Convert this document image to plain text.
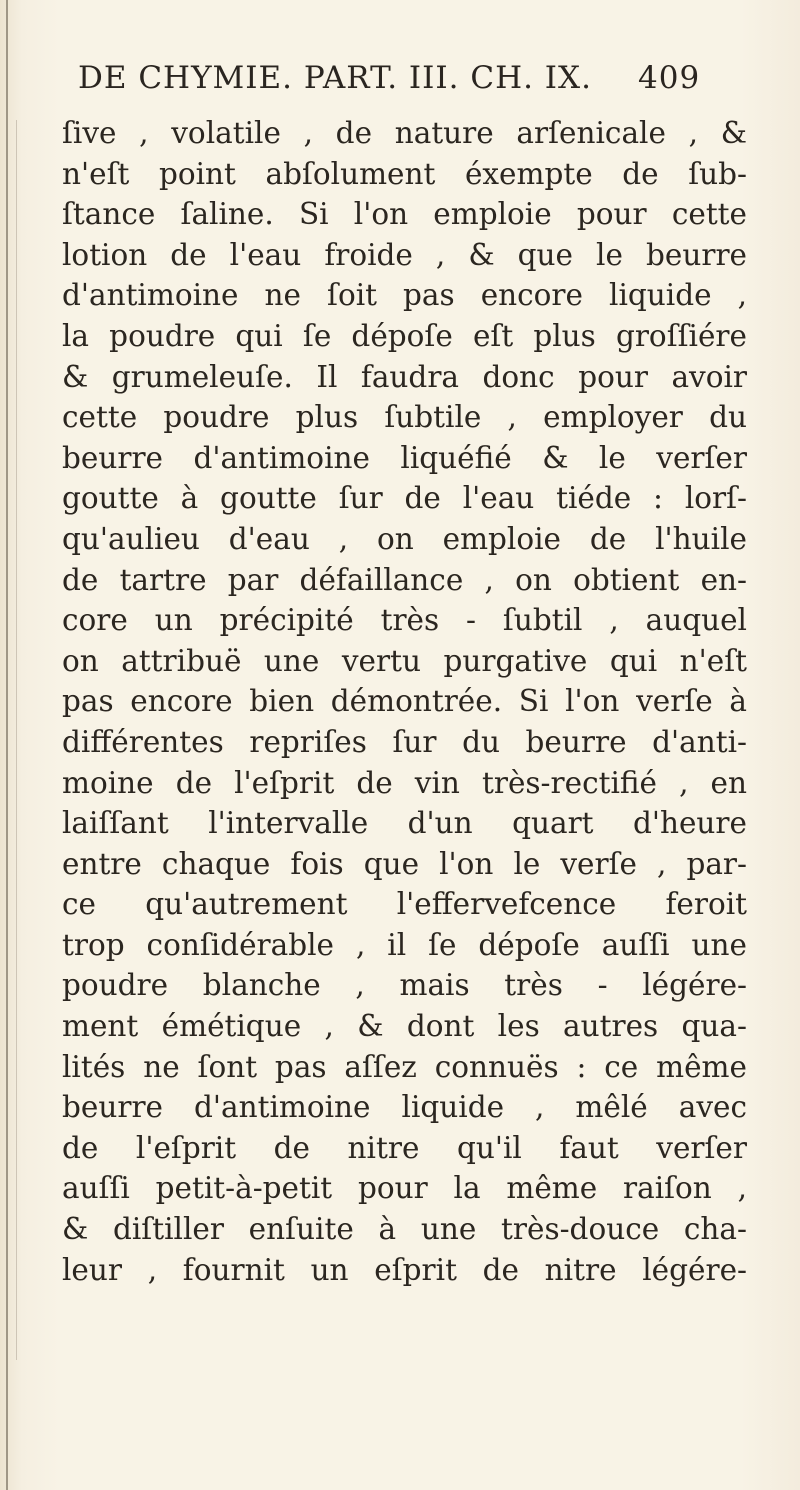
DE CHYMIE. PART. III. CH. IX. 409
ſive , volatile , de nature arſenicale , &
n'eſt point abſolument éxempte de ſub-
ſtance ſaline. Si l'on emploie pour cette
lotion de l'eau froide , & que le beurre
d'antimoine ne ſoit pas encore liquide ,
la poudre qui ſe dépoſe eſt plus groſſiére
& grumeleuſe. Il faudra donc pour avoir
cette poudre plus ſubtile , employer du
beurre d'antimoine liquéfié & le verſer
goutte à goutte ſur de l'eau tiéde : lorſ-
qu'aulieu d'eau , on emploie de l'huile
de tartre par défaillance , on obtient en-
core un précipité très - ſubtil , auquel
on attribuë une vertu purgative qui n'eſt
pas encore bien démontrée. Si l'on verſe à
différentes repriſes ſur du beurre d'anti-
moine de l'eſprit de vin très-rectifié , en
laiſſant l'intervalle d'un quart d'heure
entre chaque fois que l'on le verſe , par-
ce qu'autrement l'effervefcence feroit
trop conſidérable , il ſe dépoſe auſſi une
poudre blanche , mais très - légére-
ment émétique , & dont les autres qua-
lités ne ſont pas aſſez connuës : ce même
beurre d'antimoine liquide , mêlé avec
de l'eſprit de nitre qu'il faut verſer
auſſi petit-à-petit pour la même raiſon ,
& diſtiller enſuite à une très-douce cha-
leur , fournit un eſprit de nitre légére-
